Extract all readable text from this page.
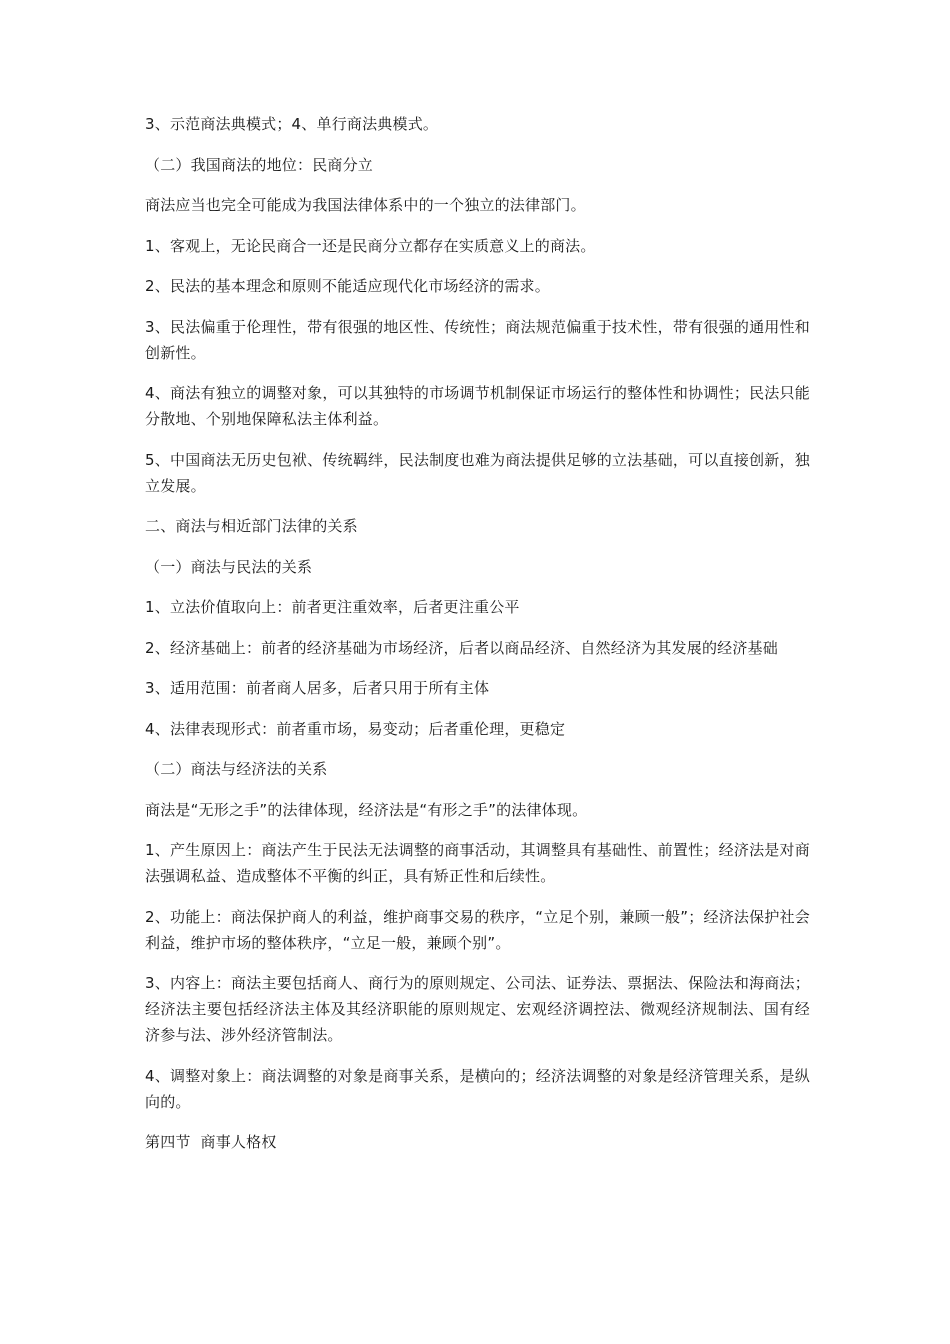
3、示范商法典模式；4、单行商法典模式。

（二）我国商法的地位：民商分立

商法应当也完全可能成为我国法律体系中的一个独立的法律部门。

1、客观上，无论民商合一还是民商分立都存在实质意义上的商法。

2、民法的基本理念和原则不能适应现代化市场经济的需求。

3、民法偏重于伦理性，带有很强的地区性、传统性；商法规范偏重于技术性，带有很强的通用性和创新性。

4、商法有独立的调整对象，可以其独特的市场调节机制保证市场运行的整体性和协调性；民法只能分散地、个别地保障私法主体利益。

5、中国商法无历史包袱、传统羁绊，民法制度也难为商法提供足够的立法基础，可以直接创新，独立发展。

二、商法与相近部门法律的关系

（一）商法与民法的关系

1、立法价值取向上：前者更注重效率，后者更注重公平

2、经济基础上：前者的经济基础为市场经济，后者以商品经济、自然经济为其发展的经济基础

3、适用范围：前者商人居多，后者只用于所有主体

4、法律表现形式：前者重市场，易变动；后者重伦理，更稳定

（二）商法与经济法的关系

商法是“无形之手”的法律体现，经济法是“有形之手”的法律体现。

1、产生原因上：商法产生于民法无法调整的商事活动，其调整具有基础性、前置性；经济法是对商法强调私益、造成整体不平衡的纠正，具有矫正性和后续性。

2、功能上：商法保护商人的利益，维护商事交易的秩序，“立足个别，兼顾一般”；经济法保护社会利益，维护市场的整体秩序，“立足一般，兼顾个别”。

3、内容上：商法主要包括商人、商行为的原则规定、公司法、证券法、票据法、保险法和海商法；经济法主要包括经济法主体及其经济职能的原则规定、宏观经济调控法、微观经济规制法、国有经济参与法、涉外经济管制法。

4、调整对象上：商法调整的对象是商事关系，是横向的；经济法调整的对象是经济管理关系，是纵向的。

第四节  商事人格权
